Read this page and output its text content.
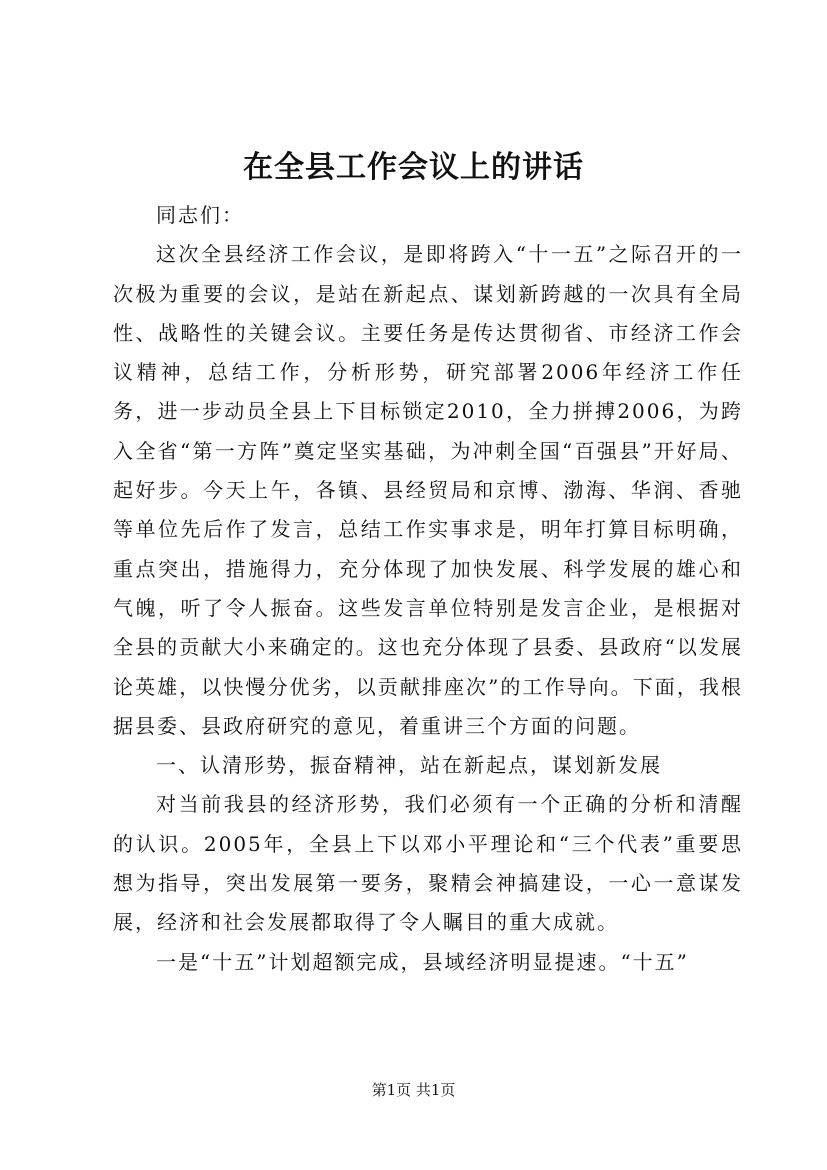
在全县工作会议上的讲话

同志们：

这次全县经济工作会议，是即将跨入“十一五”之际召开的一次极为重要的会议，是站在新起点、谋划新跨越的一次具有全局性、战略性的关键会议。主要任务是传达贯彻省、市经济工作会议精神，总结工作，分析形势，研究部署2006年经济工作任务，进一步动员全县上下目标锁定2010，全力拼搏2006，为跨入全省“第一方阵”奠定坚实基础，为冲刺全国“百强县”开好局、起好步。今天上午，各镇、县经贸局和京博、渤海、华润、香驰等单位先后作了发言，总结工作实事求是，明年打算目标明确，重点突出，措施得力，充分体现了加快发展、科学发展的雄心和气魄，听了令人振奋。这些发言单位特别是发言企业，是根据对全县的贡献大小来确定的。这也充分体现了县委、县政府“以发展论英雄，以快慢分优劣，以贡献排座次”的工作导向。下面，我根据县委、县政府研究的意见，着重讲三个方面的问题。

一、认清形势，振奋精神，站在新起点，谋划新发展

对当前我县的经济形势，我们必须有一个正确的分析和清醒的认识。2005年，全县上下以邓小平理论和“三个代表”重要思想为指导，突出发展第一要务，聚精会神搞建设，一心一意谋发展，经济和社会发展都取得了令人瞩目的重大成就。

一是“十五”计划超额完成，县域经济明显提速。“十五”

第1页 共1页
